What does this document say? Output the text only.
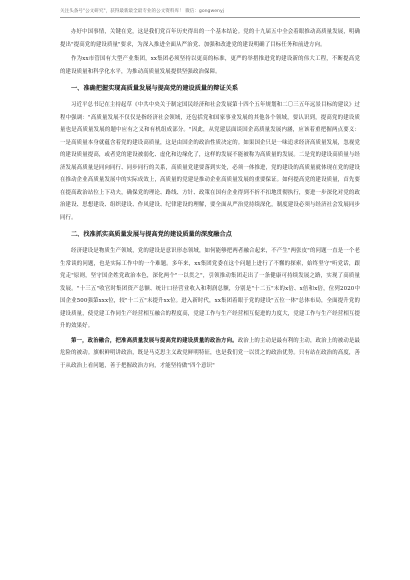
关注头条号"公文研究"，获得最新最全最专业的公文资料库！ 微信：gongwenyj

办好中国事情，关键在党，这是我们党百年历史得出的一个基本结论。党的十九届五中全会着眼推动高质量发展，明确提出"提高党的建设质量"要求，为深入推进全面从严治党、加强和改进党的建设明确了目标任务和前进方向。

作为xx市管国有大型产业集团，xx集团必须坚持以更高的标准，更严的举措推进党的建设新的伟大工程，不断提高党的建设质量和科学化水平，为推动高质量发展提供坚强政治保障。

一、准确把握实现高质量发展与提高党的建设质量的辩证关系

习近平总书记在主持起草《中共中央关于制定国民经济和社会发展第十四个五年规划和二〇三五年远景目标的建议》过程中强调："高质量发展不仅仅是指经济社会领域，还包括党和国家事业发展的其他各个领域，要认识到，提高党的建设质量也是高质量发展的题中应有之义和有机组成部分。"因此，从党建层面谈国企高质量发展内涵，应该着重把握两点要义：一是高质量本身就蕴含着党的建设高质量，这是由国企的政治性质决定的。如果国企只是一味追求经济高质量发展，忽视党的建设质量提高，或者党的建设被弱化、虚化和边缘化了，这样的发展不能被称为高质量的发展。二是党的建设高质量与经济发展高质量是同向同行、同步同行的关系，高质量党建要落到实处，必须一体推进，党的建设的高质量就体现在党的建设在推动企业高质量发展中的实际成效上，高质量的党建是推动企业高质量发展的重要保证。如何提高党的建设质量，首先要在提高政治站位上下功夫，确保党的理论、路线、方针、政策在国有企业得到不折不扣地贯彻执行，要进一步深化对党的政治建设、思想建设、组织建设、作风建设、纪律建设的理解，要全面从严治党持续深化，制度建设必须与经济社会发展同步同行。

二、找准抓实高质量发展与提高党的建设质量的深度融合点

经济建设是物质生产领域，党的建设是意识形态领域，如何能够把两者融合起来，不产生"两张皮"的问题一直是一个老生常谈的问题，也是实际工作中的一个难题。多年来，xx集团党委在这个问题上进行了不懈的探索，始终坚守"听党话，跟党走"原则，坚守国企姓党政治本色，深化两个"一以贯之"，引领推动集团走出了一条健康可持续发展之路，实现了高质量发展。"十三五"收官时集团资产总额、统计口径营业收入和利润总额，分别是"十二五"末的x倍、x倍和x倍，位列2020中国企业500强第xxx位，较"十二五"末提升xx位。进入新时代，xx集团着眼于党的建设"五位一体"总体布局，全面提升党的建设质量，使党建工作同生产经营相互融合的程度高，党建工作与生产经营相互促进的力度大，党建工作与生产经营相互提升的效果好。

第一，政治融合，把准高质量发展与提高党的建设质量的政治方向。政治上的主动是最有利的主动，政治上的被动是最危险的被动。旗帜鲜明讲政治，既是马克思主义政党鲜明特征，也是我们党一以贯之的政治优势。只有站在政治的高度，善于从政治上看问题，善于把握政治方向，才能坚持做"四个意识"
